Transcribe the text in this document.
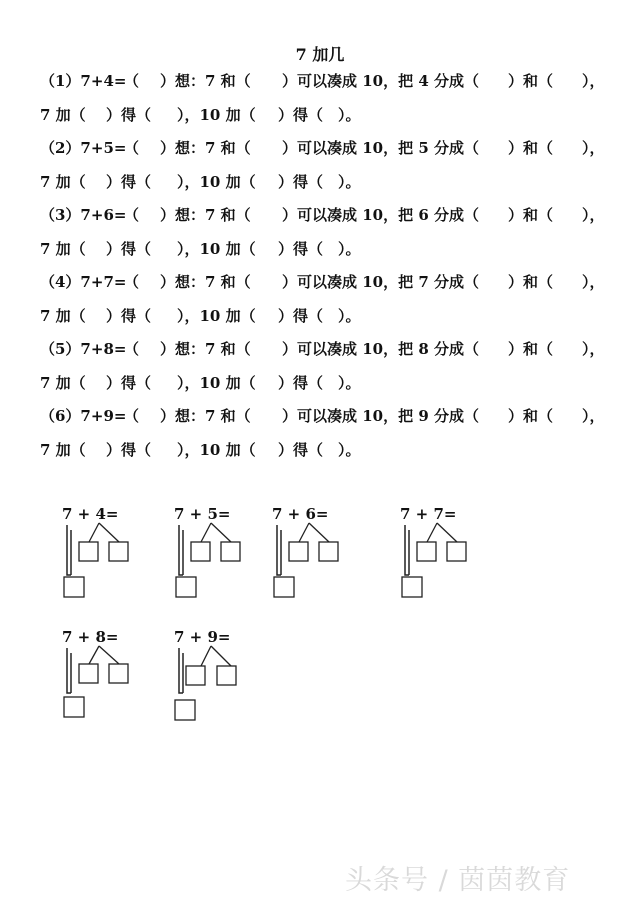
7 加几
（1）7+4=
（ ）想：7 和（ ）可以凑成 10，把 4 分成（ ）和（ ），
7 加（ ）得（ ），10 加（ ）得（ ）。
（2）7+5=
（ ）想：7 和（ ）可以凑成 10，把 5 分成（ ）和（ ），
7 加（ ）得（ ），10 加（ ）得（ ）。
（3）7+6=
（ ）想：7 和（ ）可以凑成 10，把 6 分成（ ）和（ ），
7 加（ ）得（ ），10 加（ ）得（ ）。
（4）7+7=
（ ）想：7 和（ ）可以凑成 10，把 7 分成（ ）和（ ），
7 加（ ）得（ ），10 加（ ）得（ ）。
（5）7+8=
（ ）想：7 和（ ）可以凑成 10，把 8 分成（ ）和（ ），
7 加（ ）得（ ），10 加（ ）得（ ）。
（6）7+9=
（ ）想：7 和（ ）可以凑成 10，把 9 分成（ ）和（ ），
7 加（ ）得（ ），10 加（ ）得（ ）。
7 + 4=	7 + 5=	7 + 6=	7 + 7=
7 + 8=	7 + 9=
头条号 / 茵茵教育
